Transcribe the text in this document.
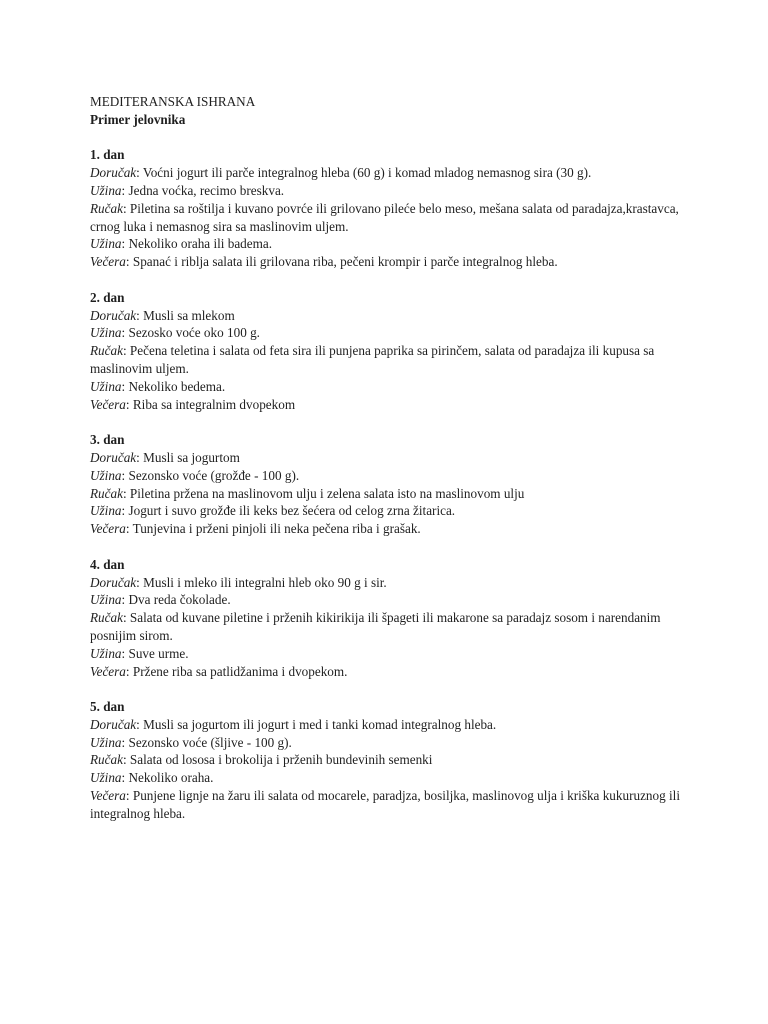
MEDITERANSKA ISHRANA

Primer jelovnika

1. dan

Doručak: Voćni jogurt ili parče integralnog hleba (60 g) i komad mladog nemasnog sira (30 g).

Užina: Jedna voćka, recimo breskva.

Ručak: Piletina sa roštilja i kuvano povrće ili grilovano pileće belo meso, mešana salata od paradajza,krastavca, crnog luka i nemasnog sira sa maslinovim uljem.

Užina: Nekoliko oraha ili badema.

Večera: Spanać i riblja salata ili grilovana riba, pečeni krompir i parče integralnog hleba.

2. dan

Doručak: Musli sa mlekom

Užina: Sezosko voće oko 100 g.

Ručak: Pečena teletina i salata od feta sira ili punjena paprika sa pirinčem, salata od paradajza ili kupusa sa maslinovim uljem.

Užina: Nekoliko bedema.

Večera: Riba sa integralnim dvopekom

3. dan

Doručak: Musli sa jogurtom

Užina: Sezonsko voće (grožđe - 100 g).

Ručak: Piletina pržena na maslinovom ulju i zelena salata isto na maslinovom ulju

Užina: Jogurt i suvo grožđe ili keks bez šećera od celog zrna žitarica.

Večera: Tunjevina i prženi pinjoli ili neka pečena riba i grašak.

4. dan

Doručak: Musli i mleko ili integralni hleb oko 90 g i sir.

Užina: Dva reda čokolade.

Ručak: Salata od kuvane piletine i prženih kikirikija ili špageti ili makarone sa paradajz sosom i narendanim posnijim sirom.

Užina: Suve urme.

Večera: Pržene riba sa patlidžanima i dvopekom.

5. dan

Doručak: Musli sa jogurtom ili jogurt i med i tanki komad integralnog hleba.

Užina: Sezonsko voće (šljive - 100 g).

Ručak: Salata od lososa i brokolija i prženih bundevinih semenki

Užina: Nekoliko oraha.

Večera: Punjene lignje na žaru ili salata od mocarele, paradjza, bosiljka, maslinovog ulja i kriška kukuruznog ili integralnog hleba.
